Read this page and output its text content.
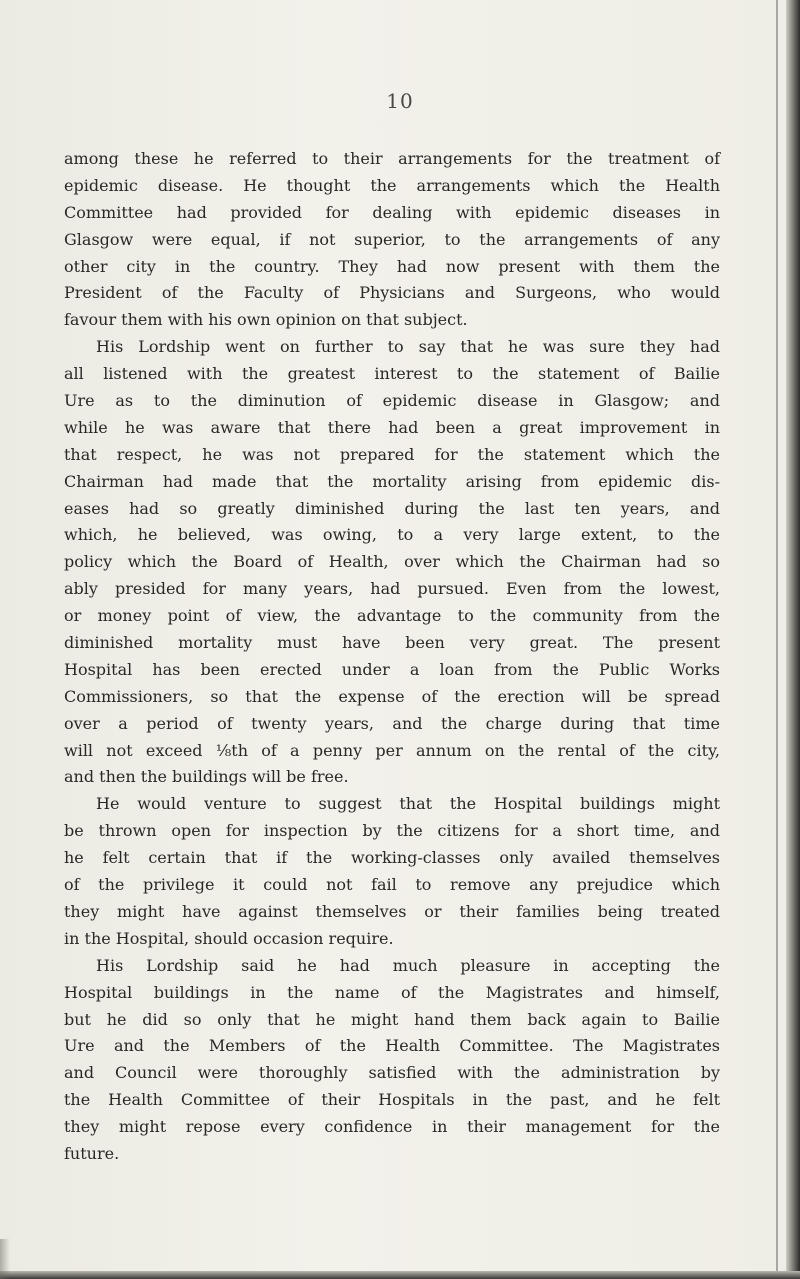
10
among these he referred to their arrangements for the treatment of
epidemic disease. He thought the arrangements which the Health
Committee had provided for dealing with epidemic diseases in
Glasgow were equal, if not superior, to the arrangements of any
other city in the country. They had now present with them the
President of the Faculty of Physicians and Surgeons, who would
favour them with his own opinion on that subject.
His Lordship went on further to say that he was sure they had
all listened with the greatest interest to the statement of Bailie
Ure as to the diminution of epidemic disease in Glasgow; and
while he was aware that there had been a great improvement in
that respect, he was not prepared for the statement which the
Chairman had made that the mortality arising from epidemic dis-
eases had so greatly diminished during the last ten years, and
which, he believed, was owing, to a very large extent, to the
policy which the Board of Health, over which the Chairman had so
ably presided for many years, had pursued. Even from the lowest,
or money point of view, the advantage to the community from the
diminished mortality must have been very great. The present
Hospital has been erected under a loan from the Public Works
Commissioners, so that the expense of the erection will be spread
over a period of twenty years, and the charge during that time
will not exceed ⅛th of a penny per annum on the rental of the city,
and then the buildings will be free.
He would venture to suggest that the Hospital buildings might
be thrown open for inspection by the citizens for a short time, and
he felt certain that if the working-classes only availed themselves
of the privilege it could not fail to remove any prejudice which
they might have against themselves or their families being treated
in the Hospital, should occasion require.
His Lordship said he had much pleasure in accepting the
Hospital buildings in the name of the Magistrates and himself,
but he did so only that he might hand them back again to Bailie
Ure and the Members of the Health Committee. The Magistrates
and Council were thoroughly satisfied with the administration by
the Health Committee of their Hospitals in the past, and he felt
they might repose every confidence in their management for the
future.
